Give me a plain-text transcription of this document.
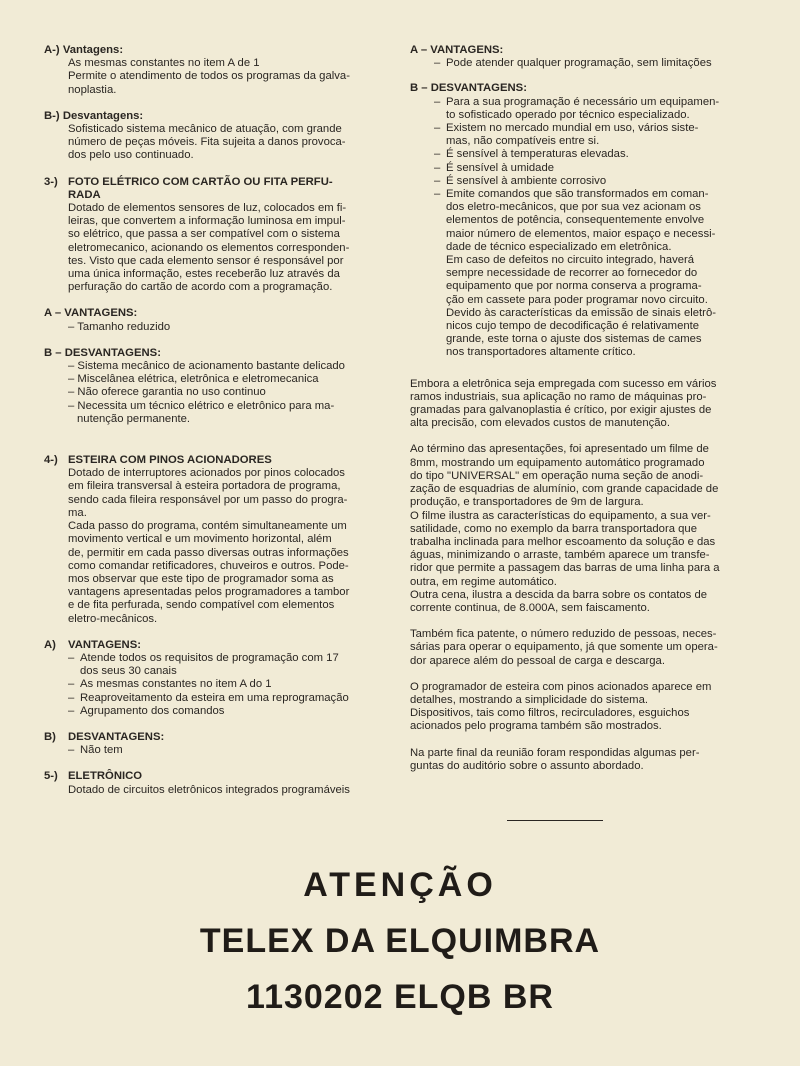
A-) Vantagens:

As mesmas constantes no item A de 1

Permite o atendimento de todos os programas da galva-

noplastia.

B-) Desvantagens:

Sofisticado sistema mecânico de atuação, com grande

número de peças móveis. Fita sujeita a danos provoca-

dos pelo uso continuado.

3-) FOTO ELÉTRICO COM CARTÃO OU FITA PERFU-
RADA

Dotado de elementos sensores de luz, colocados em fi-

leiras, que convertem a informação luminosa em impul-

so elétrico, que passa a ser compatível com o sistema

eletromecanico, acionando os elementos corresponden-

tes. Visto que cada elemento sensor é responsável por

uma única informação, estes receberão luz através da

perfuração do cartão de acordo com a programação.

A – VANTAGENS:

– Tamanho reduzido

B – DESVANTAGENS:

– Sistema mecânico de acionamento bastante delicado

– Miscelânea elétrica, eletrônica e eletromecanica

– Não oferece garantia no uso continuo

– Necessita um técnico elétrico e eletrônico para ma-

nutenção permanente.

4-) ESTEIRA COM PINOS ACIONADORES

Dotado de interruptores acionados por pinos colocados

em fileira transversal à esteira portadora de programa,

sendo cada fileira responsável por um passo do progra-

ma.

Cada passo do programa, contém simultaneamente um

movimento vertical e um movimento horizontal, além

de, permitir em cada passo diversas outras informações

como comandar retificadores, chuveiros e outros. Pode-

mos observar que este tipo de programador soma as

vantagens apresentadas pelos programadores a tambor

e de fita perfurada, sendo compatível com elementos

eletro-mecânicos.

A)	VANTAGENS:
– Atende todos os requisitos de programação com 17
dos seus 30 canais
– As mesmas constantes no item A do 1
– Reaproveitamento da esteira em uma reprogramação
– Agrupamento dos comandos
B)	DESVANTAGENS:
– Não tem
5-) ELETRÔNICO

Dotado de circuitos eletrônicos integrados programáveis

A – VANTAGENS:
– Pode atender qualquer programação, sem limitações
B – DESVANTAGENS:
– Para a sua programação é necessário um equipamen-
to sofisticado operado por técnico especializado.
– Existem no mercado mundial em uso, vários siste-
mas, não compatíveis entre si.
– É sensível à temperaturas elevadas.
– É sensível à umidade
– É sensível à ambiente corrosivo
– Emite comandos que são transformados em coman-
dos eletro-mecânicos, que por sua vez acionam os
elementos de potência, consequentemente envolve
maior número de elementos, maior espaço e necessi-
dade de técnico especializado em eletrônica.
Em caso de defeitos no circuito integrado, haverá
sempre necessidade de recorrer ao fornecedor do
equipamento que por norma conserva a programa-
ção em cassete para poder programar novo circuito.
Devido às características da emissão de sinais eletrô-
nicos cujo tempo de decodificação é relativamente
grande, este torna o ajuste dos sistemas de cames
nos transportadores altamente crítico.

Embora a eletrônica seja empregada com sucesso em vários

ramos industriais, sua aplicação no ramo de máquinas pro-

gramadas para galvanoplastia é crítico, por exigir ajustes de

alta precisão, com elevados custos de manutenção.

Ao término das apresentações, foi apresentado um filme de

8mm, mostrando um equipamento automático programado

do tipo "UNIVERSAL" em operação numa seção de anodi-

zação de esquadrias de alumínio, com grande capacidade de

produção, e transportadores de 9m de largura.

O filme ilustra as características do equipamento, a sua ver-

satilidade, como no exemplo da barra transportadora que

trabalha inclinada para melhor escoamento da solução e das

águas, minimizando o arraste, também aparece um transfe-

ridor que permite a passagem das barras de uma linha para a

outra, em regime automático.

Outra cena, ilustra a descida da barra sobre os contatos de

corrente continua, de 8.000A, sem faiscamento.

Também fica patente, o número reduzido de pessoas, neces-

sárias para operar o equipamento, já que somente um opera-

dor aparece além do pessoal de carga e descarga.

O programador de esteira com pinos acionados aparece em

detalhes, mostrando a simplicidade do sistema.

Dispositivos, tais como filtros, recirculadores, esguichos

acionados pelo programa também são mostrados.

Na parte final da reunião foram respondidas algumas per-

guntas do auditório sobre o assunto abordado.

ATENÇÃO
TELEX DA ELQUIMBRA
1130202 ELQB BR
